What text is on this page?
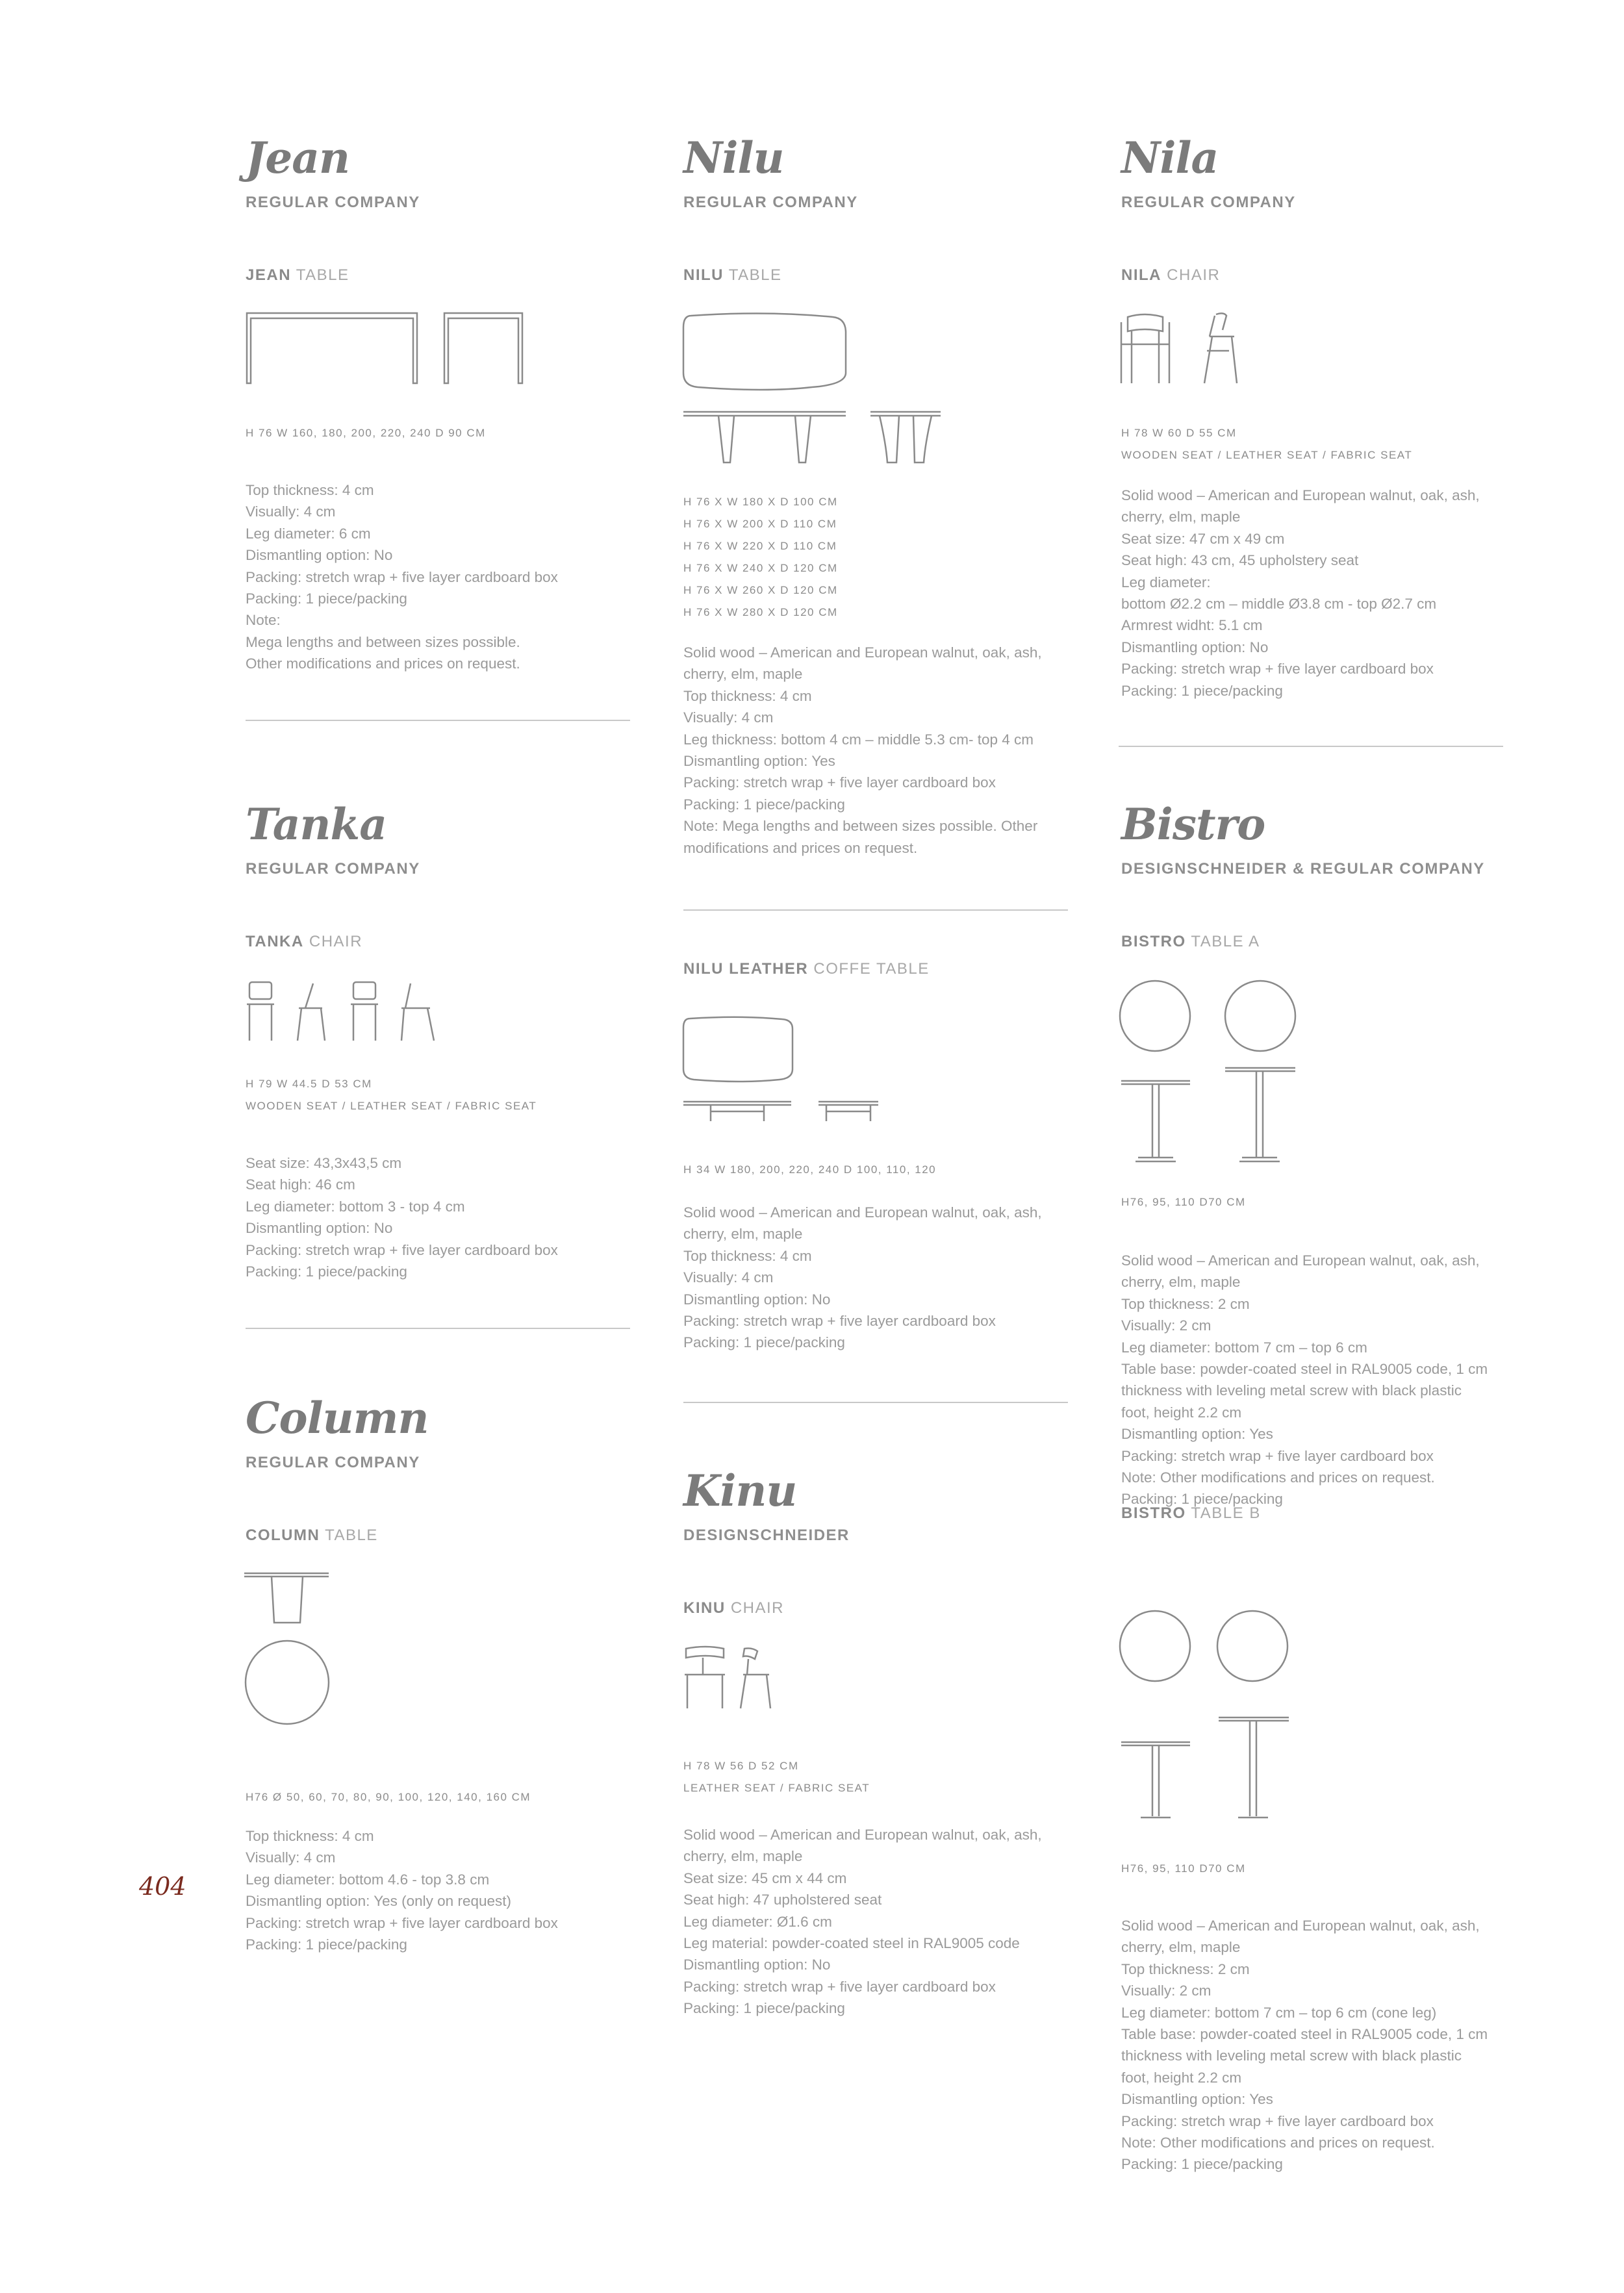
Jean
REGULAR COMPANY
JEAN TABLE
H 76 W 160, 180, 200, 220, 240 D 90 CM
Top thickness: 4 cm
Visually: 4 cm
Leg diameter: 6 cm
Dismantling option: No
Packing: stretch wrap + five layer cardboard box
Packing: 1 piece/packing
Note:
Mega lengths and between sizes possible.
Other modifications and prices on request.
Tanka
REGULAR COMPANY
TANKA CHAIR
H 79 W 44.5 D 53 CM
WOODEN SEAT / LEATHER SEAT / FABRIC SEAT
Seat size: 43,3x43,5 cm
Seat high: 46 cm
Leg diameter: bottom 3 - top 4 cm
Dismantling option: No
Packing: stretch wrap + five layer cardboard box
Packing: 1 piece/packing
Column
REGULAR COMPANY
COLUMN TABLE
H76 Ø 50, 60, 70, 80, 90, 100, 120, 140, 160 CM
Top thickness: 4 cm
Visually: 4 cm
Leg diameter: bottom 4.6 - top 3.8 cm
Dismantling option: Yes (only on request)
Packing: stretch wrap + five layer cardboard box
Packing: 1 piece/packing
404
Nilu
REGULAR COMPANY
NILU TABLE
H 76 X W 180 X D 100 CM
H 76 X W 200 X D 110 CM
H 76 X W 220 X D 110 CM
H 76 X W 240 X D 120 CM
H 76 X W 260 X D 120 CM
H 76 X W 280 X D 120 CM
Solid wood – American and European walnut, oak, ash,
cherry, elm, maple
Top thickness: 4 cm
Visually: 4 cm
Leg thickness: bottom 4 cm – middle 5.3 cm- top 4 cm
Dismantling option: Yes
Packing: stretch wrap + five layer cardboard box
Packing: 1 piece/packing
Note: Mega lengths and between sizes possible. Other
modifications and prices on request.
NILU LEATHER COFFE TABLE
H 34 W 180, 200, 220, 240 D 100, 110, 120
Solid wood – American and European walnut, oak, ash,
cherry, elm, maple
Top thickness: 4 cm
Visually: 4 cm
Dismantling option: No
Packing: stretch wrap + five layer cardboard box
Packing: 1 piece/packing
Kinu
DESIGNSCHNEIDER
KINU CHAIR
H 78 W 56 D 52 CM
LEATHER SEAT / FABRIC SEAT
Solid wood – American and European walnut, oak, ash,
cherry, elm, maple
Seat size: 45 cm x 44 cm
Seat high: 47 upholstered seat
Leg diameter: Ø1.6 cm
Leg material: powder-coated steel in RAL9005 code
Dismantling option: No
Packing: stretch wrap + five layer cardboard box
Packing: 1 piece/packing
Nila
REGULAR COMPANY
NILA CHAIR
H 78 W 60 D 55 CM
WOODEN SEAT / LEATHER SEAT / FABRIC SEAT
Solid wood – American and European walnut, oak, ash,
cherry, elm, maple
Seat size: 47 cm x 49 cm
Seat high: 43 cm, 45 upholstery seat
Leg diameter:
bottom Ø2.2 cm – middle Ø3.8 cm - top Ø2.7 cm
Armrest widht: 5.1 cm
Dismantling option: No
Packing: stretch wrap + five layer cardboard box
Packing: 1 piece/packing
Bistro
DESIGNSCHNEIDER & REGULAR COMPANY
BISTRO TABLE A
H76, 95, 110 D70 CM
Solid wood – American and European walnut, oak, ash,
cherry, elm, maple
Top thickness: 2 cm
Visually: 2 cm
Leg diameter: bottom 7 cm – top 6 cm
Table base: powder-coated steel in RAL9005 code, 1 cm
thickness with leveling metal screw with black plastic
foot, height 2.2 cm
Dismantling option: Yes
Packing: stretch wrap + five layer cardboard box
Note: Other modifications and prices on request.
Packing: 1 piece/packing
BISTRO TABLE B
H76, 95, 110 D70 CM
Solid wood – American and European walnut, oak, ash,
cherry, elm, maple
Top thickness: 2 cm
Visually: 2 cm
Leg diameter: bottom 7 cm – top 6 cm (cone leg)
Table base: powder-coated steel in RAL9005 code, 1 cm
thickness with leveling metal screw with black plastic
foot, height 2.2 cm
Dismantling option: Yes
Packing: stretch wrap + five layer cardboard box
Note: Other modifications and prices on request.
Packing: 1 piece/packing
